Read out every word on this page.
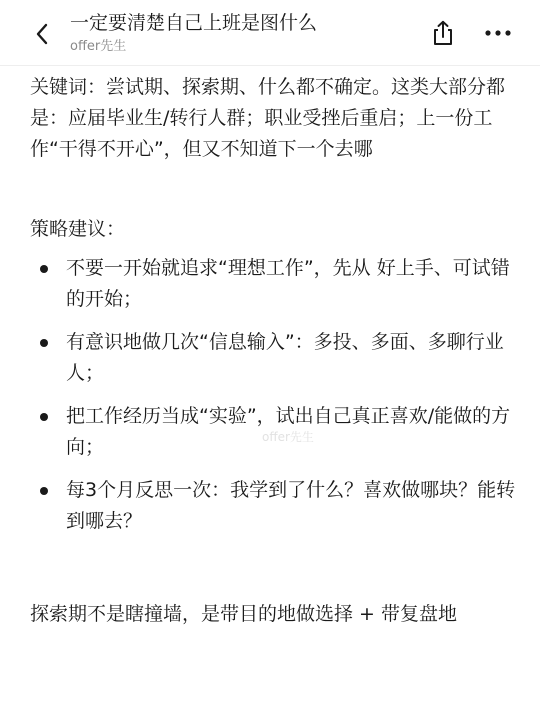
一定要清楚自己上班是图什么
offer先生

关键词：尝试期、探索期、什么都不确定。这类大部分都是：应届毕业生/转行人群；职业受挫后重启；上一份工作“干得不开心”，但又不知道下一个去哪

策略建议：

不要一开始就追求“理想工作”，先从 好上手、可试错 的开始；
有意识地做几次“信息输入”：多投、多面、多聊行业人；
把工作经历当成“实验”，试出自己真正喜欢/能做的方向；
每3个月反思一次：我学到了什么？喜欢做哪块？能转到哪去？

探索期不是瞎撞墙，是带目的地做选择 + 带复盘地

offer先生
